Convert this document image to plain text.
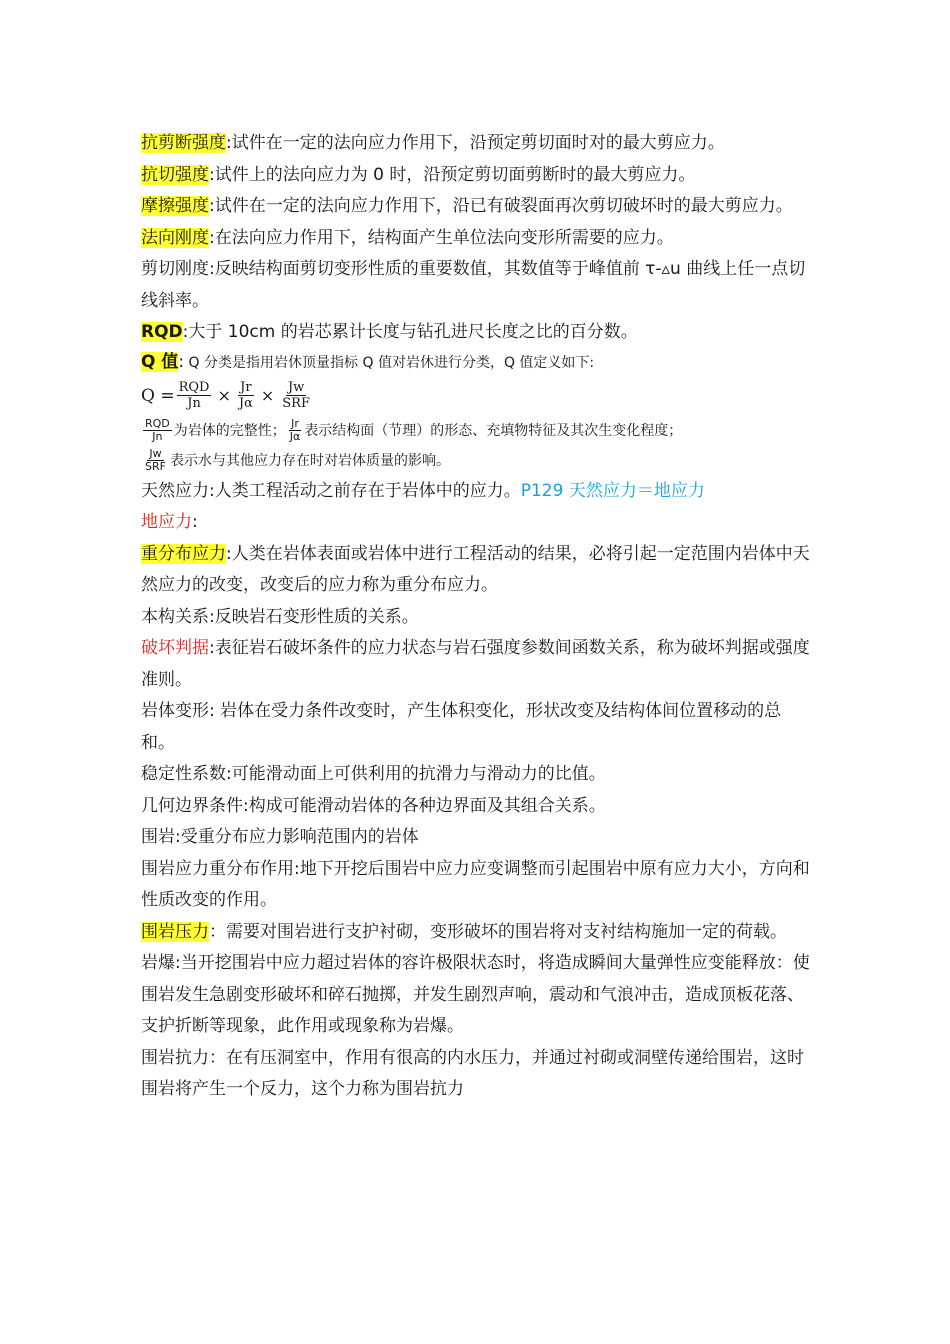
抗剪断强度:试件在一定的法向应力作用下，沿预定剪切面时对的最大剪应力。

抗切强度:试件上的法向应力为 0 时，沿预定剪切面剪断时的最大剪应力。

摩擦强度:试件在一定的法向应力作用下，沿已有破裂面再次剪切破坏时的最大剪应力。

法向刚度:在法向应力作用下，结构面产生单位法向变形所需要的应力。

剪切刚度:反映结构面剪切变形性质的重要数值，其数值等于峰值前 τ-▵u 曲线上任一点切线斜率。

RQD:大于 10cm 的岩芯累计长度与钻孔进尺长度之比的百分数。

Q 值: Q 分类是指用岩休顶量指标 Q 值对岩休进行分类，Q 值定义如下:

$Q = \frac{\text{RQD}}{Jn} \times \frac{Jr}{J\alpha} \times \frac{Jw}{\text{SRF}}$

$\frac{\text{RQD}}{Jn}$ 为岩体的完整性； $\frac{Jr}{J\alpha}$ 表示结构面（节理）的形态、充填物特征及其次生变化程度；

$\frac{Jw}{\text{SRF}}$ 表示水与其他应力存在时对岩体质量的影响。

天然应力:人类工程活动之前存在于岩体中的应力。P129 天然应力＝地应力

地应力:

重分布应力:人类在岩体表面或岩体中进行工程活动的结果，必将引起一定范围内岩体中天然应力的改变，改变后的应力称为重分布应力。

本构关系:反映岩石变形性质的关系。

破坏判据:表征岩石破坏条件的应力状态与岩石强度参数间函数关系，称为破坏判据或强度准则。

岩体变形: 岩体在受力条件改变时，产生体积变化，形状改变及结构体间位置移动的总和。

稳定性系数:可能滑动面上可供利用的抗滑力与滑动力的比值。

几何边界条件:构成可能滑动岩体的各种边界面及其组合关系。

围岩:受重分布应力影响范围内的岩体

围岩应力重分布作用:地下开挖后围岩中应力应变调整而引起围岩中原有应力大小，方向和性质改变的作用。

围岩压力：需要对围岩进行支护衬砌，变形破坏的围岩将对支衬结构施加一定的荷载。

岩爆:当开挖围岩中应力超过岩体的容许极限状态时，将造成瞬间大量弹性应变能释放：使围岩发生急剧变形破坏和碎石抛掷，并发生剧烈声响，震动和气浪冲击，造成顶板花落、支护折断等现象，此作用或现象称为岩爆。

围岩抗力：在有压洞室中，作用有很高的内水压力，并通过衬砌或洞壁传递给围岩，这时围岩将产生一个反力，这个力称为围岩抗力
